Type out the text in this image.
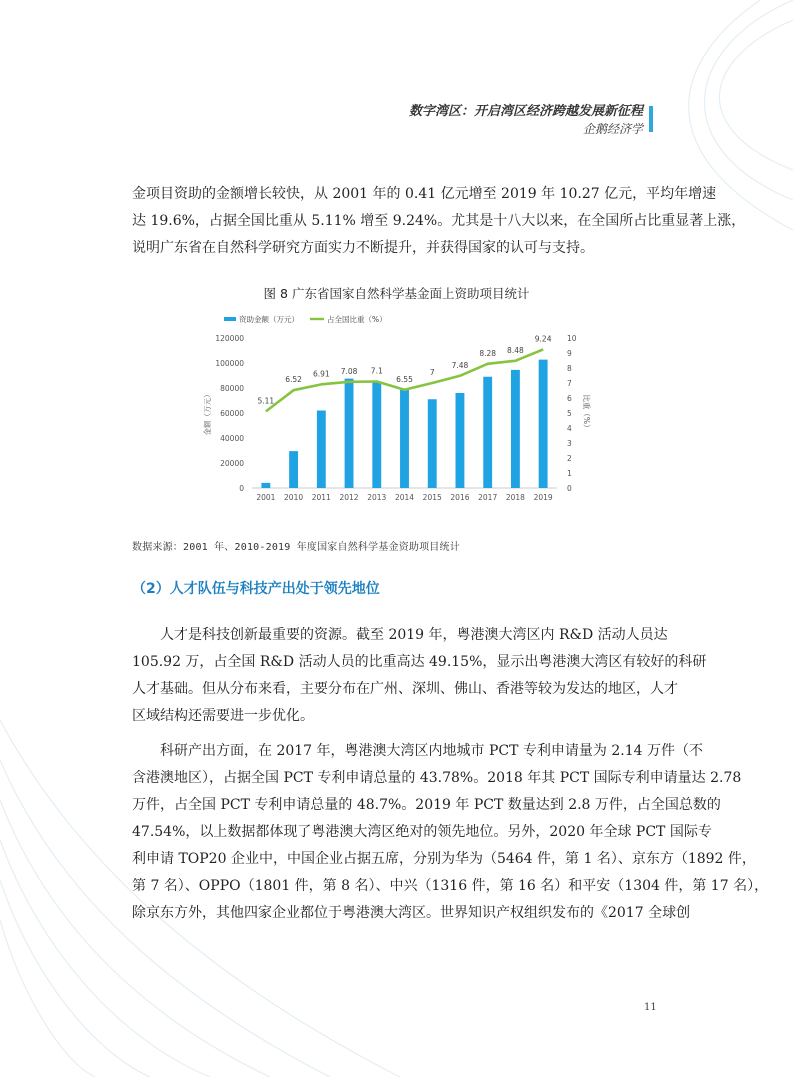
数字湾区：开启湾区经济跨越发展新征程
企鹅经济学

金项目资助的金额增长较快，从 2001 年的 0.41 亿元增至 2019 年 10.27 亿元，平均年增速
达 19.6%，占据全国比重从 5.11% 增至 9.24%。尤其是十八大以来，在全国所占比重显著上涨，
说明广东省在自然科学研究方面实力不断提升，并获得国家的认可与支持。

图 8 广东省国家自然科学基金面上资助项目统计
0
20000
40000
60000
80000
100000
120000
0
1
2
3
4
5
6
7
8
9
10
金额（万元）	比重（%）
2001 2010 2011 2012 2013 2014 2015 2016 2017 2018 2019
5.11
6.52
6.91 7.08 7.1
6.55
7
7.48
8.28 8.48
9.24
资助金额（万元）	占全国比重（%）
数据来源：2001 年、2010-2019 年度国家自然科学基金资助项目统计
（2）人才队伍与科技产出处于领先地位

　　人才是科技创新最重要的资源。截至 2019 年，粤港澳大湾区内 R&D 活动人员达
105.92 万，占全国 R&D 活动人员的比重高达 49.15%，显示出粤港澳大湾区有较好的科研
人才基础。但从分布来看，主要分布在广州、深圳、佛山、香港等较为发达的地区，人才
区域结构还需要进一步优化。

　　科研产出方面，在 2017 年，粤港澳大湾区内地城市 PCT 专利申请量为 2.14 万件（不
含港澳地区），占据全国 PCT 专利申请总量的 43.78%。2018 年其 PCT 国际专利申请量达 2.78
万件，占全国 PCT 专利申请总量的 48.7%。2019 年 PCT 数量达到 2.8 万件，占全国总数的
47.54%，以上数据都体现了粤港澳大湾区绝对的领先地位。另外，2020 年全球 PCT 国际专
利申请 TOP20 企业中，中国企业占据五席，分别为华为（5464 件，第 1 名）、京东方（1892 件，
第 7 名）、OPPO（1801 件，第 8 名）、中兴（1316 件，第 16 名）和平安（1304 件，第 17 名），
除京东方外，其他四家企业都位于粤港澳大湾区。世界知识产权组织发布的《2017 全球创

11
